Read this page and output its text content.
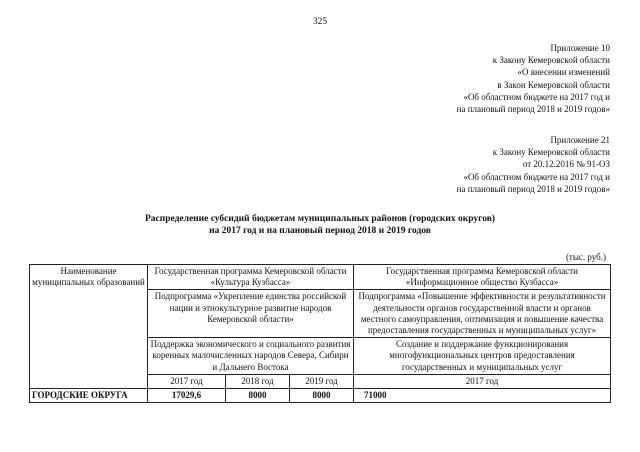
325
Приложение 10
к Закону Кемеровской области
«О внесении изменений
в Закон Кемеровской области
«Об областном бюджете на 2017 год и
на плановый период 2018 и 2019 годов»
Приложение 21
к Закону Кемеровской области
от 20.12.2016 № 91-ОЗ
«Об областном бюджете на 2017 год и
на плановый период 2018 и 2019 годов»
Распределение субсидий бюджетам муниципальных районов (городских округов)
на 2017 год и на плановый период 2018 и 2019 годов
(тыс. руб.)
Наименование муниципальных образований	Государственная программа Кемеровской области «Культура Кузбасса»			Государственная программа Кемеровской области «Информационное общество Кузбасса»
	Подпрограмма «Укрепление единства российской нации и этнокультурное развитие народов Кемеровской области»			Подпрограмма «Повышение эффективности и результативности деятельности органов государственной власти и органов местного самоуправления, оптимизация и повышение качества предоставления государственных и муниципальных услуг»
	Поддержка экономического и социального развития коренных малочисленных народов Севера, Сибири и Дальнего Востока			Создание и поддержание функционирования многофункциональных центров предоставления государственных и муниципальных услуг
	2017 год	2018 год	2019 год	2017 год
ГОРОДСКИЕ ОКРУГА	17029,6	8000	8000	71000
